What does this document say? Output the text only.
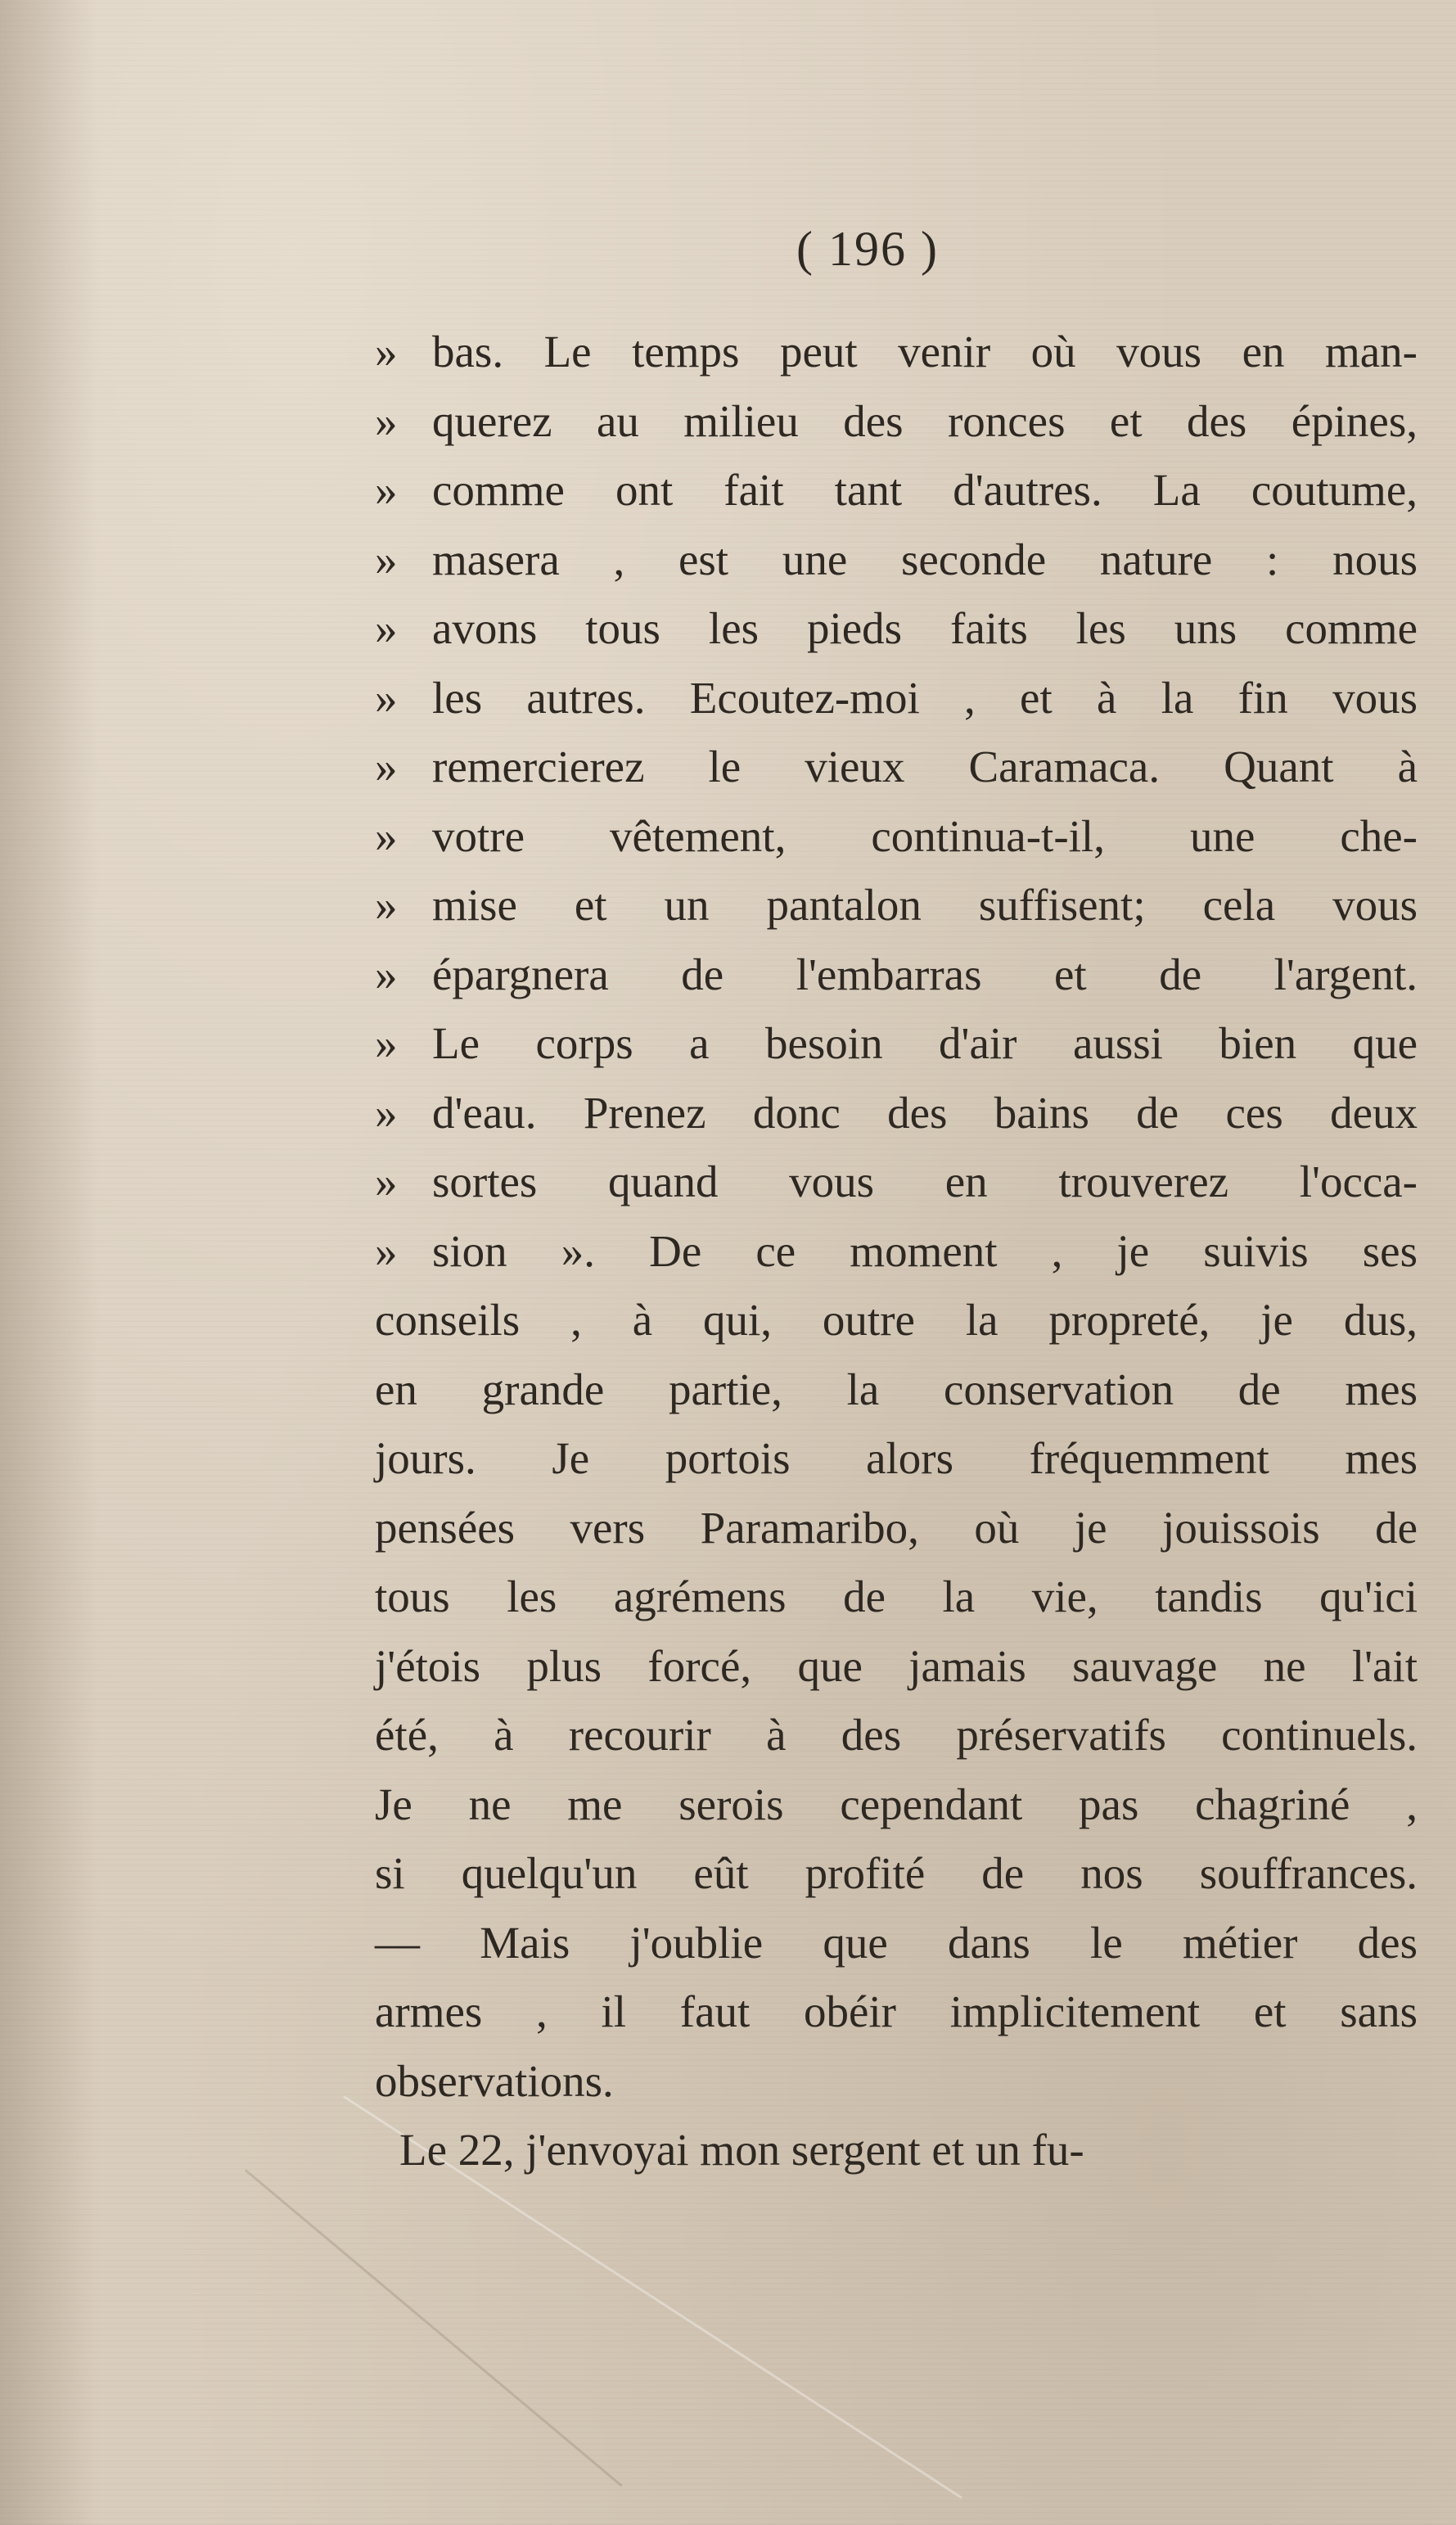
( 196 )
» bas. Le temps peut venir où vous en man-
» querez au milieu des ronces et des épines,
» comme ont fait tant d'autres. La coutume,
» masera , est une seconde nature : nous
» avons tous les pieds faits les uns comme
» les autres. Ecoutez-moi , et à la fin vous
» remercierez le vieux Caramaca. Quant à
» votre vêtement, continua-t-il, une che-
» mise et un pantalon suffisent; cela vous
» épargnera de l'embarras et de l'argent.
» Le corps a besoin d'air aussi bien que
» d'eau. Prenez donc des bains de ces deux
» sortes quand vous en trouverez l'occa-
» sion ». De ce moment , je suivis ses
conseils , à qui, outre la propreté, je dus,
en grande partie, la conservation de mes
jours. Je portois alors fréquemment mes
pensées vers Paramaribo, où je jouissois de
tous les agrémens de la vie, tandis qu'ici
j'étois plus forcé, que jamais sauvage ne l'ait
été, à recourir à des préservatifs continuels.
Je ne me serois cependant pas chagriné ,
si quelqu'un eût profité de nos souffrances.
— Mais j'oublie que dans le métier des
armes , il faut obéir implicitement et sans
observations.
Le 22, j'envoyai mon sergent et un fu-
